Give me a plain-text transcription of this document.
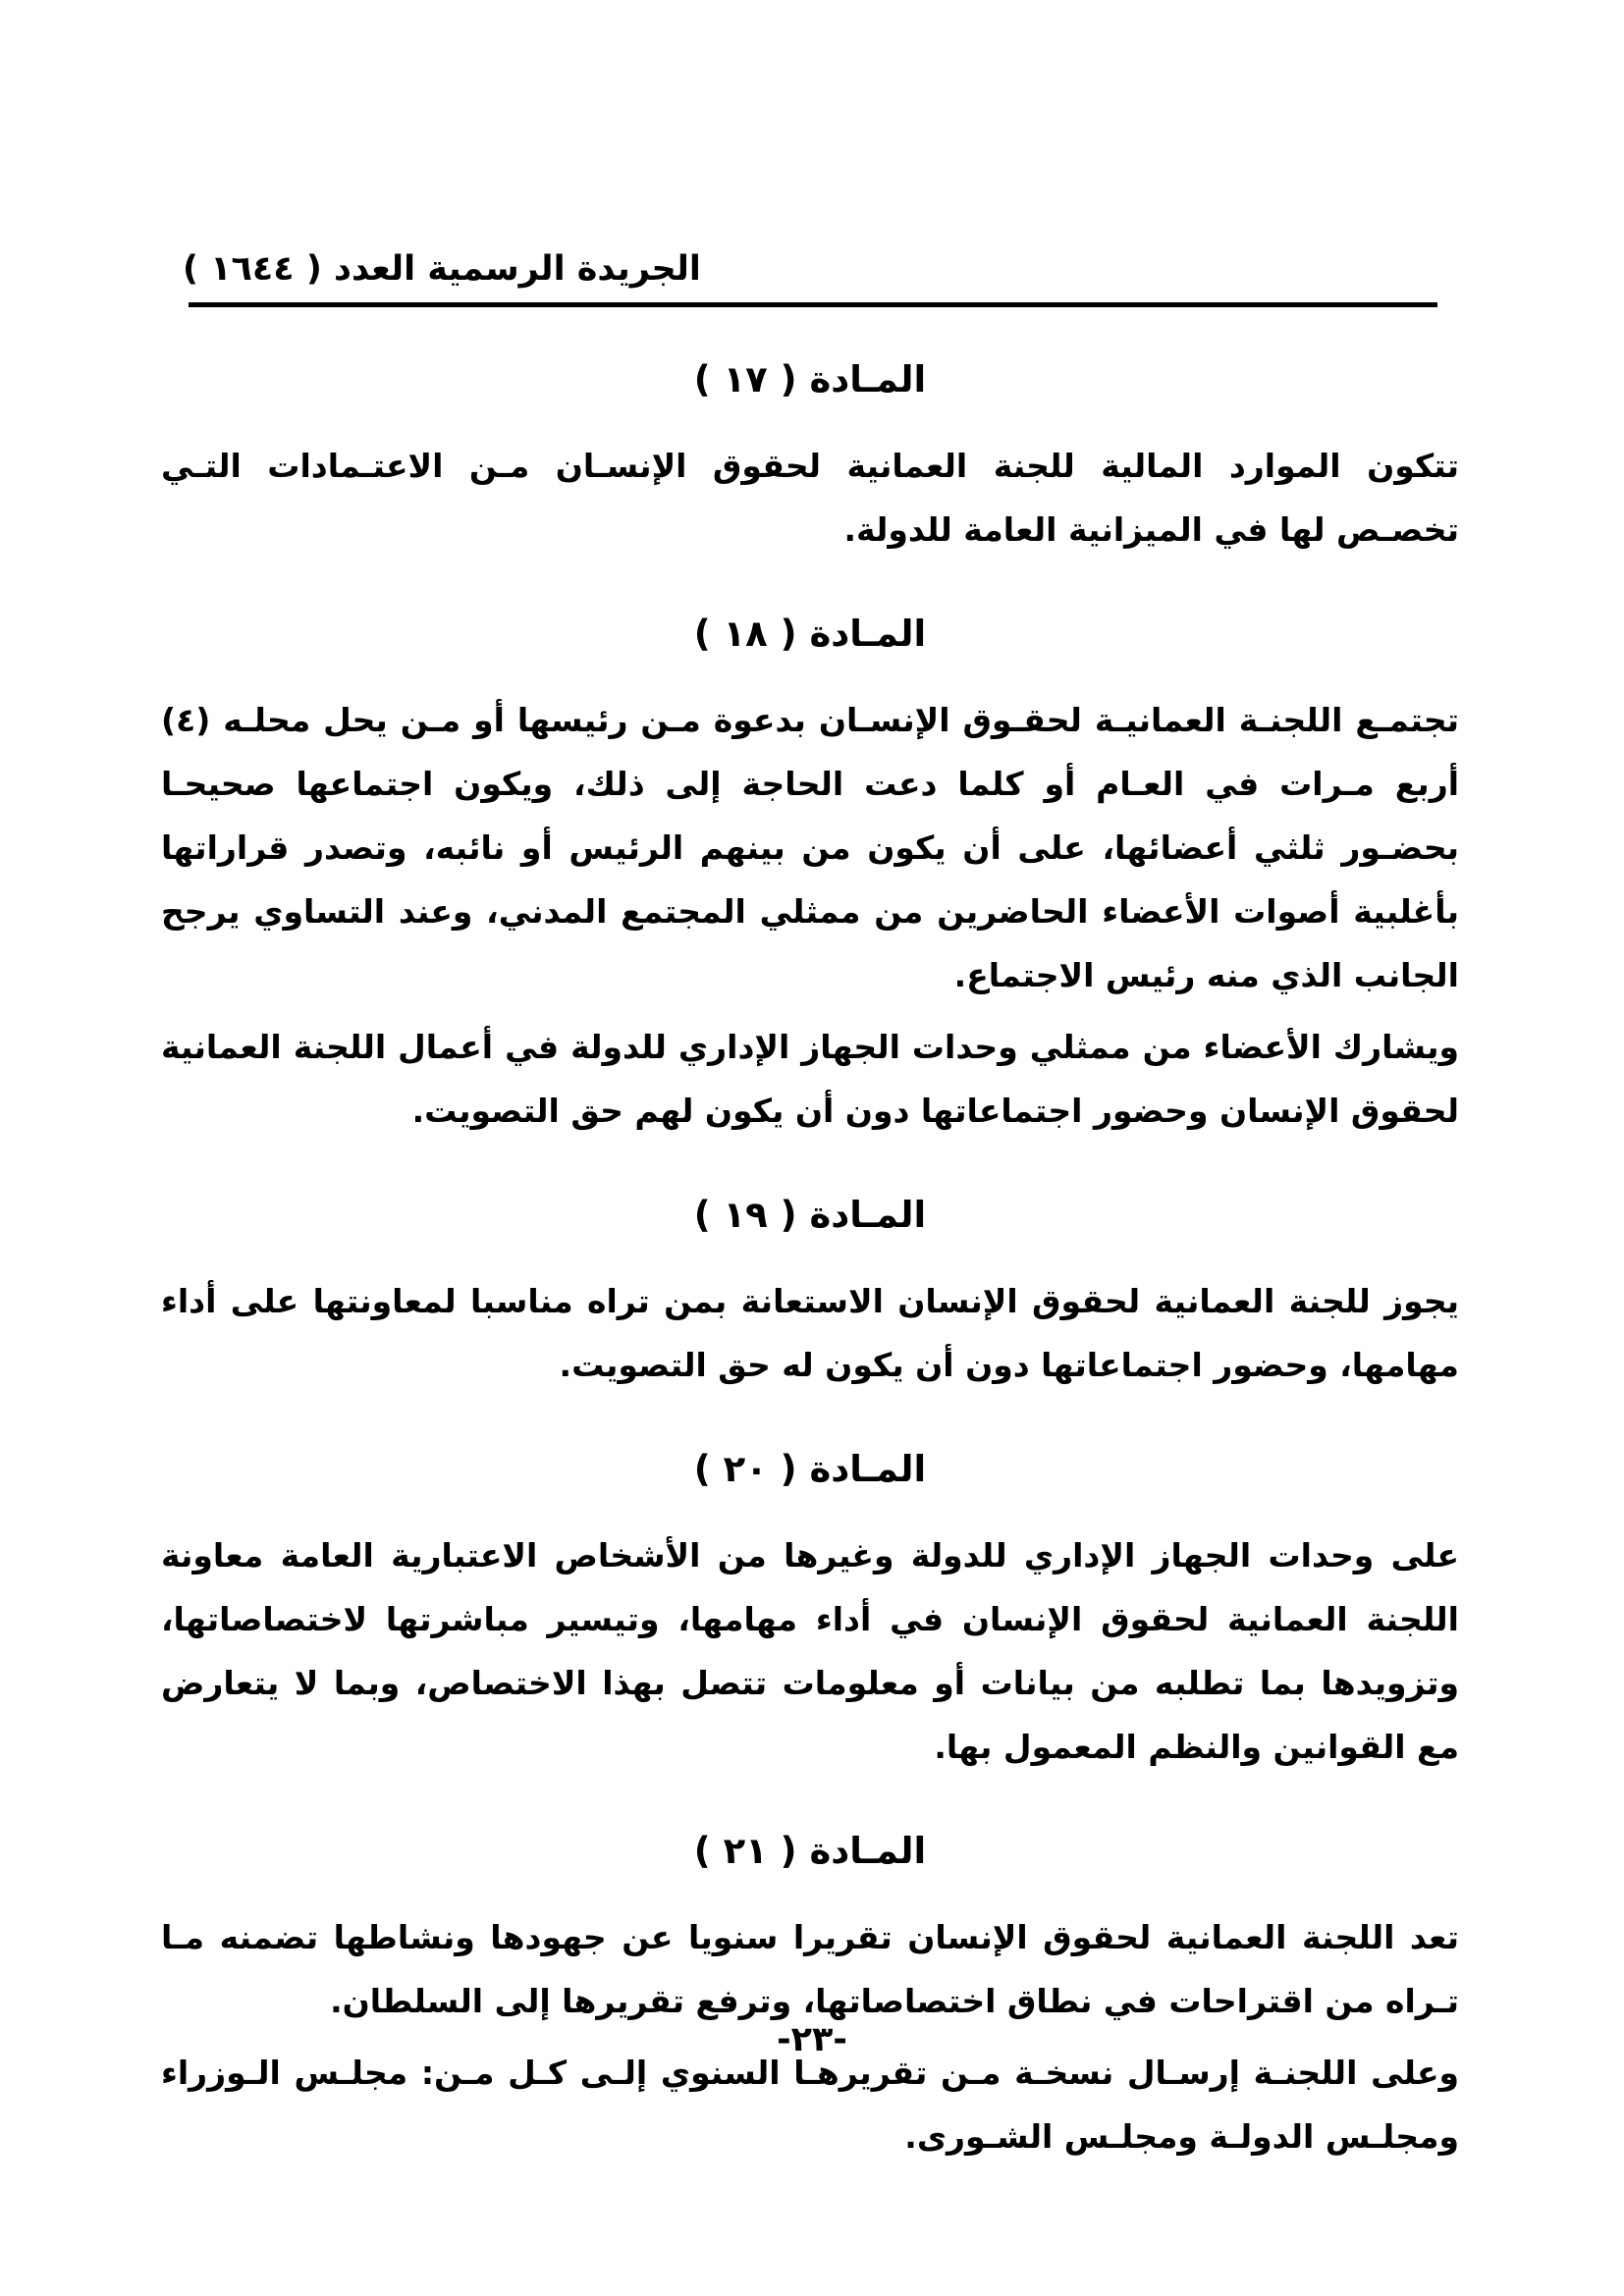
الجريدة الرسمية العدد ( ١٦٤٤ )
المـادة ( ١٧ )

تتكون الموارد المالية للجنة العمانية لحقوق الإنسـان مـن الاعتـمادات التـي تخصـص لها في الميزانية العامة للدولة.

المـادة ( ١٨ )

تجتمـع اللجنـة العمانيـة لحقـوق الإنسـان بدعوة مـن رئيسها أو مـن يحل محلـه (٤) أربع مـرات في العـام أو كلما دعت الحاجة إلى ذلك، ويكون اجتماعها صحيحـا بحضـور ثلثي أعضائها، على أن يكون من بينهم الرئيس أو نائبه، وتصدر قراراتها بأغلبية أصوات الأعضاء الحاضرين من ممثلي المجتمع المدني، وعند التساوي يرجح الجانب الذي منه رئيس الاجتماع.

ويشارك الأعضاء من ممثلي وحدات الجهاز الإداري للدولة في أعمال اللجنة العمانية لحقوق الإنسان وحضور اجتماعاتها دون أن يكون لهم حق التصويت.

المـادة ( ١٩ )

يجوز للجنة العمانية لحقوق الإنسان الاستعانة بمن تراه مناسبا لمعاونتها على أداء مهامها، وحضور اجتماعاتها دون أن يكون له حق التصويت.

المـادة ( ٢٠ )

على وحدات الجهاز الإداري للدولة وغيرها من الأشخاص الاعتبارية العامة معاونة اللجنة العمانية لحقوق الإنسان في أداء مهامها، وتيسير مباشرتها لاختصاصاتها، وتزويدها بما تطلبه من بيانات أو معلومات تتصل بهذا الاختصاص، وبما لا يتعارض مع القوانين والنظم المعمول بها.

المـادة ( ٢١ )

تعد اللجنة العمانية لحقوق الإنسان تقريرا سنويا عن جهودها ونشاطها تضمنه مـا تـراه من اقتراحات في نطاق اختصاصاتها، وترفع تقريرها إلى السلطان.

وعلى اللجنـة إرسـال نسخـة مـن تقريرهـا السنوي إلـى كـل مـن: مجلـس الـوزراء ومجلـس الدولـة ومجلـس الشـورى.

-٢٣-
